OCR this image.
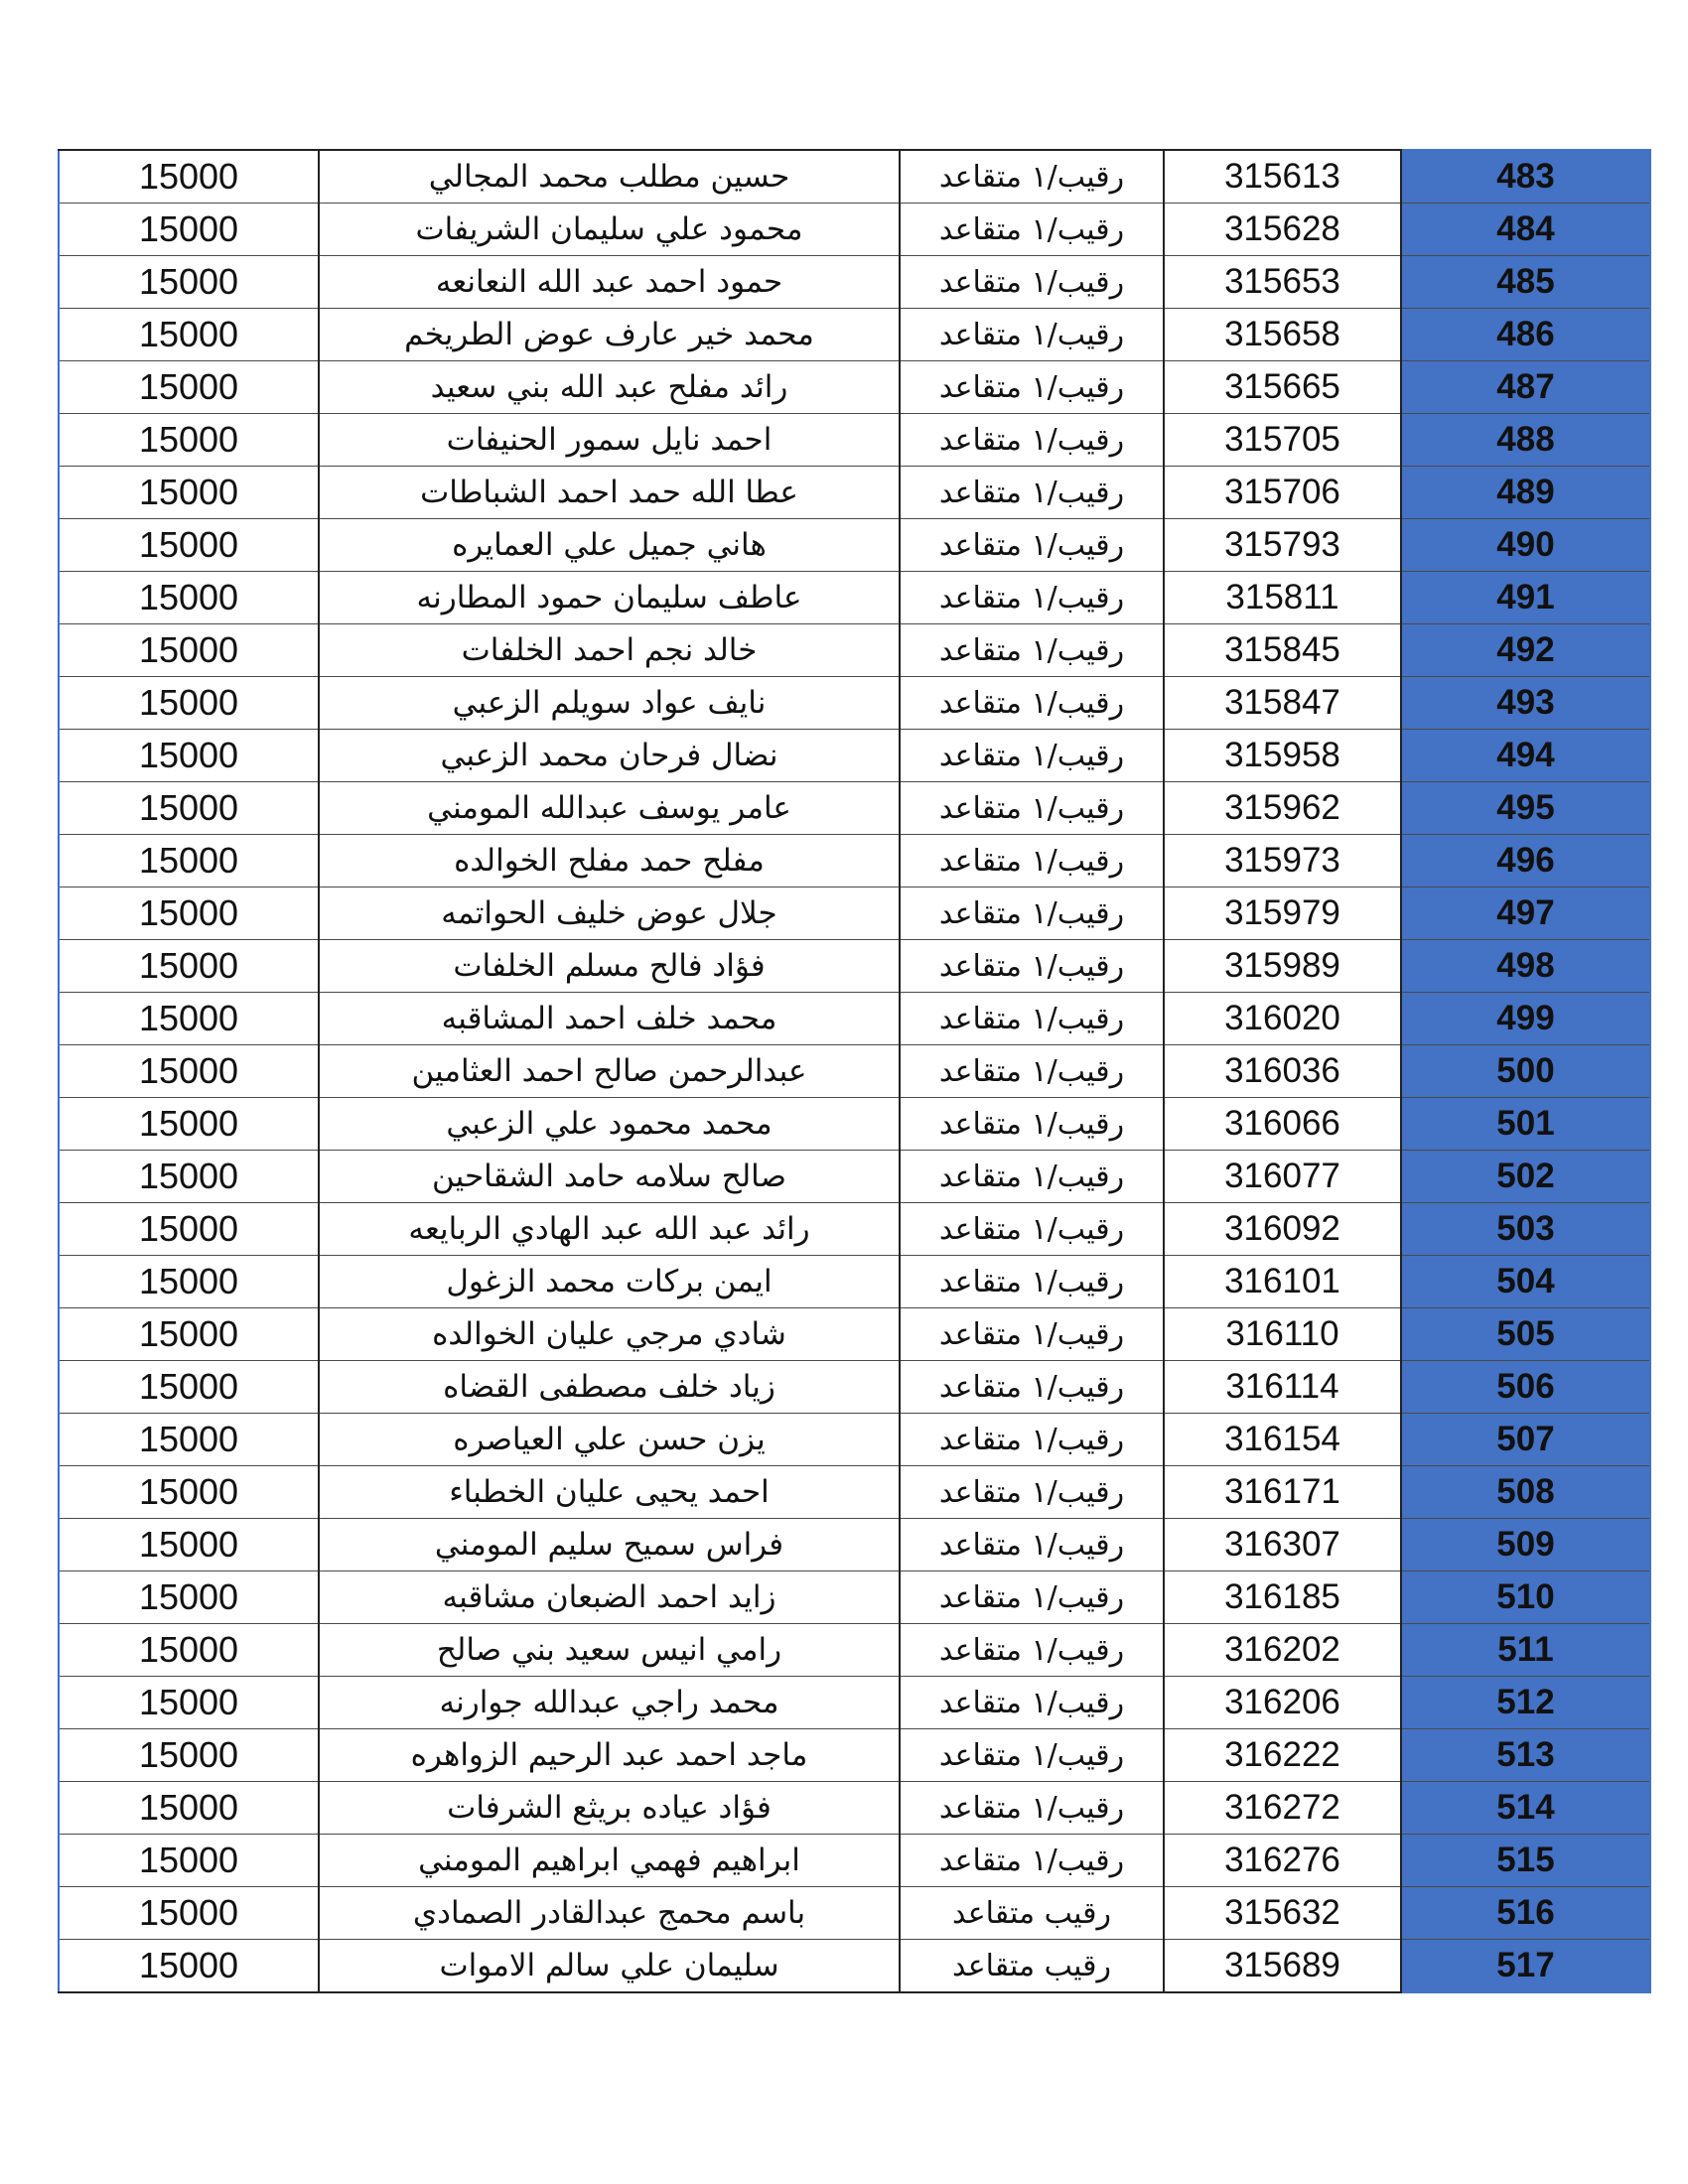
15000	حسين مطلب محمد المجالي	رقيب/١ متقاعد	315613	483
15000	محمود علي سليمان الشريفات	رقيب/١ متقاعد	315628	484
15000	حمود احمد عبد الله النعانعه	رقيب/١ متقاعد	315653	485
15000	محمد خير عارف عوض الطريخم	رقيب/١ متقاعد	315658	486
15000	رائد مفلح عبد الله بني سعيد	رقيب/١ متقاعد	315665	487
15000	احمد نايل سمور الحنيفات	رقيب/١ متقاعد	315705	488
15000	عطا الله حمد احمد الشباطات	رقيب/١ متقاعد	315706	489
15000	هاني جميل علي العمايره	رقيب/١ متقاعد	315793	490
15000	عاطف سليمان حمود المطارنه	رقيب/١ متقاعد	315811	491
15000	خالد نجم احمد الخلفات	رقيب/١ متقاعد	315845	492
15000	نايف عواد سويلم الزعبي	رقيب/١ متقاعد	315847	493
15000	نضال فرحان محمد الزعبي	رقيب/١ متقاعد	315958	494
15000	عامر يوسف عبدالله المومني	رقيب/١ متقاعد	315962	495
15000	مفلح حمد مفلح الخوالده	رقيب/١ متقاعد	315973	496
15000	جلال عوض خليف الحواتمه	رقيب/١ متقاعد	315979	497
15000	فؤاد فالح مسلم الخلفات	رقيب/١ متقاعد	315989	498
15000	محمد خلف احمد المشاقبه	رقيب/١ متقاعد	316020	499
15000	عبدالرحمن صالح احمد العثامين	رقيب/١ متقاعد	316036	500
15000	محمد محمود علي الزعبي	رقيب/١ متقاعد	316066	501
15000	صالح سلامه حامد الشقاحين	رقيب/١ متقاعد	316077	502
15000	رائد عبد الله عبد الهادي الربايعه	رقيب/١ متقاعد	316092	503
15000	ايمن بركات محمد الزغول	رقيب/١ متقاعد	316101	504
15000	شادي مرجي عليان الخوالده	رقيب/١ متقاعد	316110	505
15000	زياد خلف مصطفى القضاه	رقيب/١ متقاعد	316114	506
15000	يزن حسن علي العياصره	رقيب/١ متقاعد	316154	507
15000	احمد يحيى عليان الخطباء	رقيب/١ متقاعد	316171	508
15000	فراس سميح سليم المومني	رقيب/١ متقاعد	316307	509
15000	زايد احمد الضبعان مشاقبه	رقيب/١ متقاعد	316185	510
15000	رامي انيس سعيد بني صالح	رقيب/١ متقاعد	316202	511
15000	محمد راجي عبدالله جوارنه	رقيب/١ متقاعد	316206	512
15000	ماجد احمد عبد الرحيم الزواهره	رقيب/١ متقاعد	316222	513
15000	فؤاد عياده بريثع الشرفات	رقيب/١ متقاعد	316272	514
15000	ابراهيم فهمي ابراهيم المومني	رقيب/١ متقاعد	316276	515
15000	باسم محمج عبدالقادر الصمادي	رقيب متقاعد	315632	516
15000	سليمان علي سالم الاموات	رقيب متقاعد	315689	517
